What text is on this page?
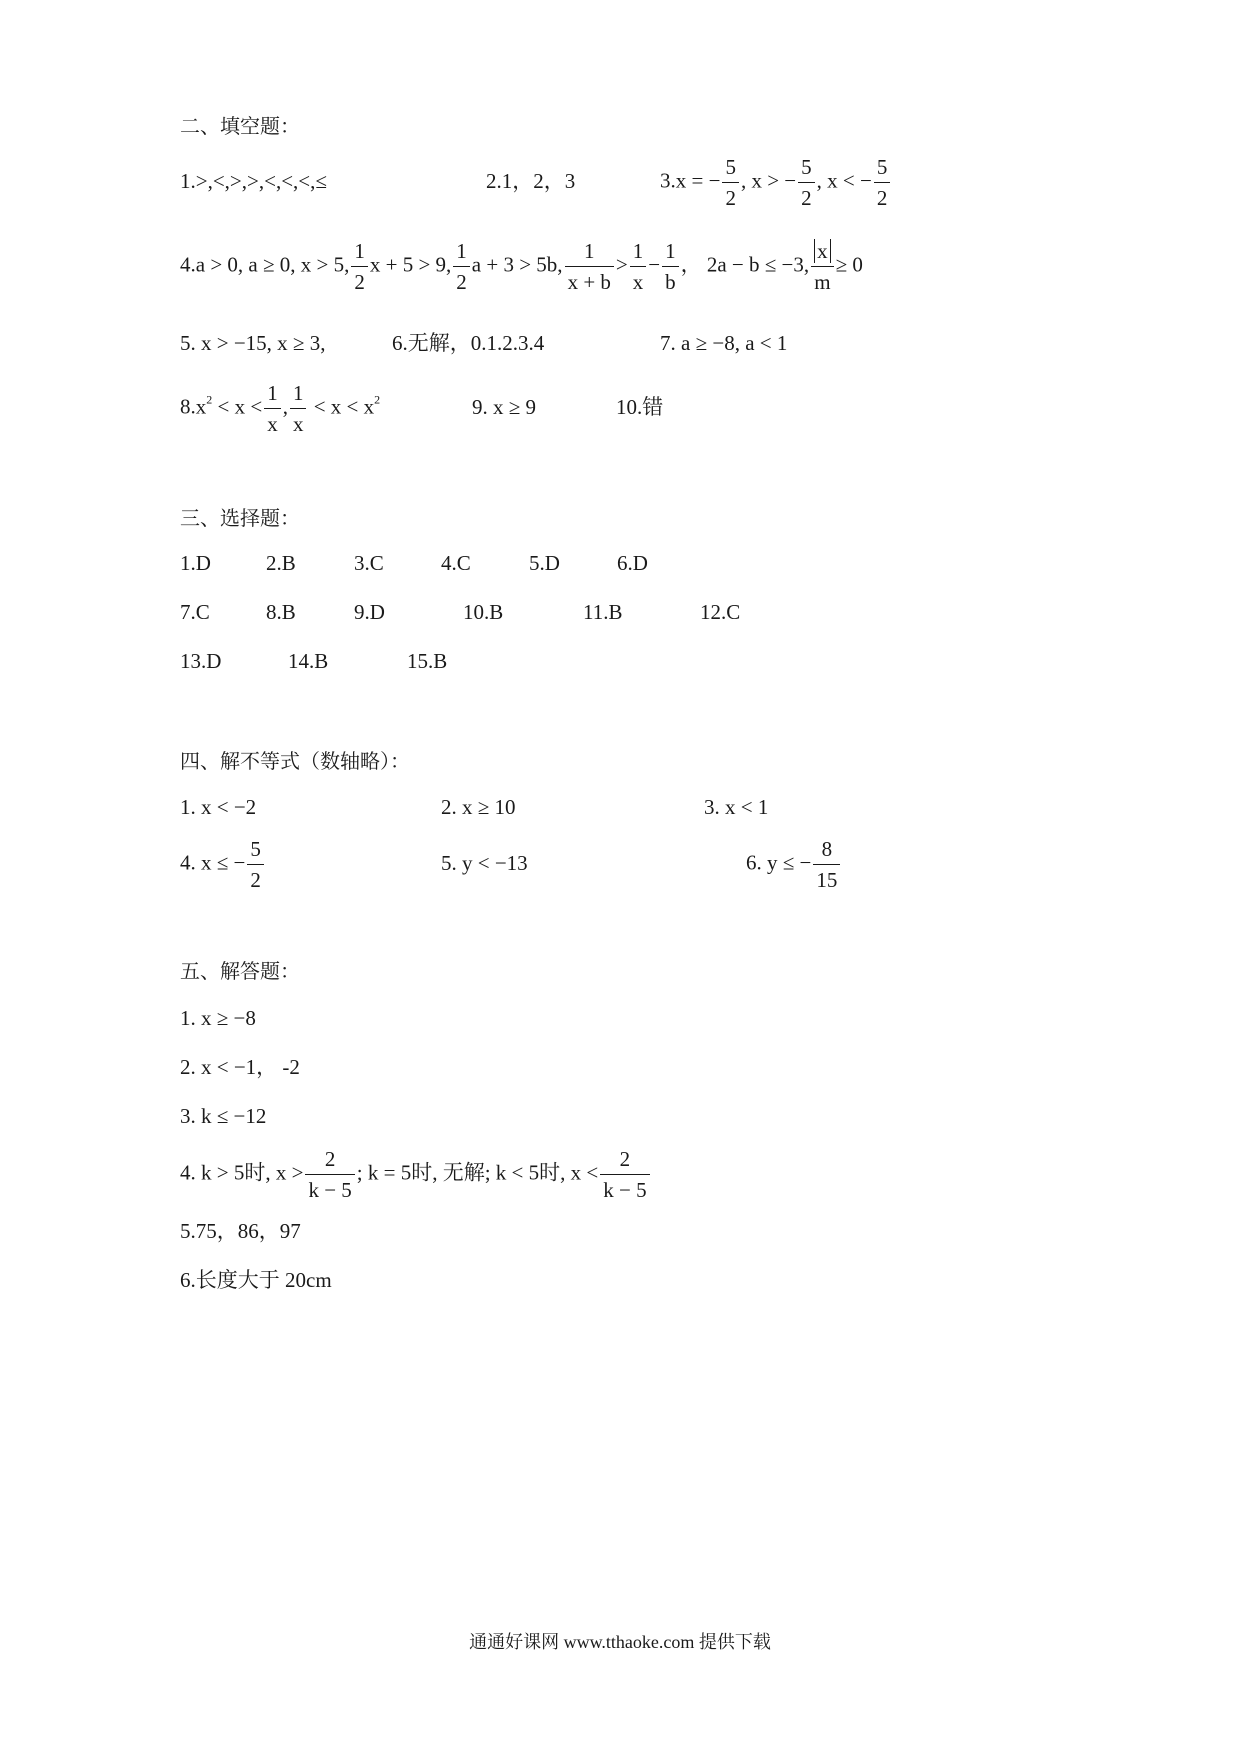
二、填空题：
1.>,<,>,>,<,<,<,≤	2.1，2，3	3.x = − $\frac{5}{2}$ , x > − $\frac{5}{2}$ , x < − $\frac{5}{2}$
4.a > 0, a ≥ 0, x > 5, $\frac{1}{2}$ x + 5 > 9, $\frac{1}{2}$ a + 3 > 5b, $\frac{1}{x + b} > \frac{1}{x} - \frac{1}{b}$ ， 2a − b ≤ −3, $\frac{x}{m} \ge 0$
5. x > −15, x ≥ 3,	6.无解，0.1.2.3.4	7. a ≥ −8, a < 1
$8.x^2 < x < \frac{1}{x}$ , $\frac{1}{x} < x < x^2$	9. x ≥ 9	10.错
三、选择题：
1.D	2.B	3.C	4.C	5.D	6.D
7.C	8.B	9.D	10.B	11.B	12.C
13.D	14.B	15.B
四、解不等式（数轴略）：
1. x < −2	2. x ≥ 10	3. x < 1
4. x ≤ − $\frac{5}{2}$	5. y < −13	6. y ≤ − $\frac{8}{15}$
五、解答题：
1. x ≥ −8
2. x < −1， -2
3. k ≤ −12
4. k > 5时, $x > \frac{2}{k - 5}$ ; k = 5时, 无解; k < 5时, $x < \frac{2}{k - 5}$
5.75，86，97
6.长度大于 20cm
通通好课网 www.tthaoke.com 提供下载
